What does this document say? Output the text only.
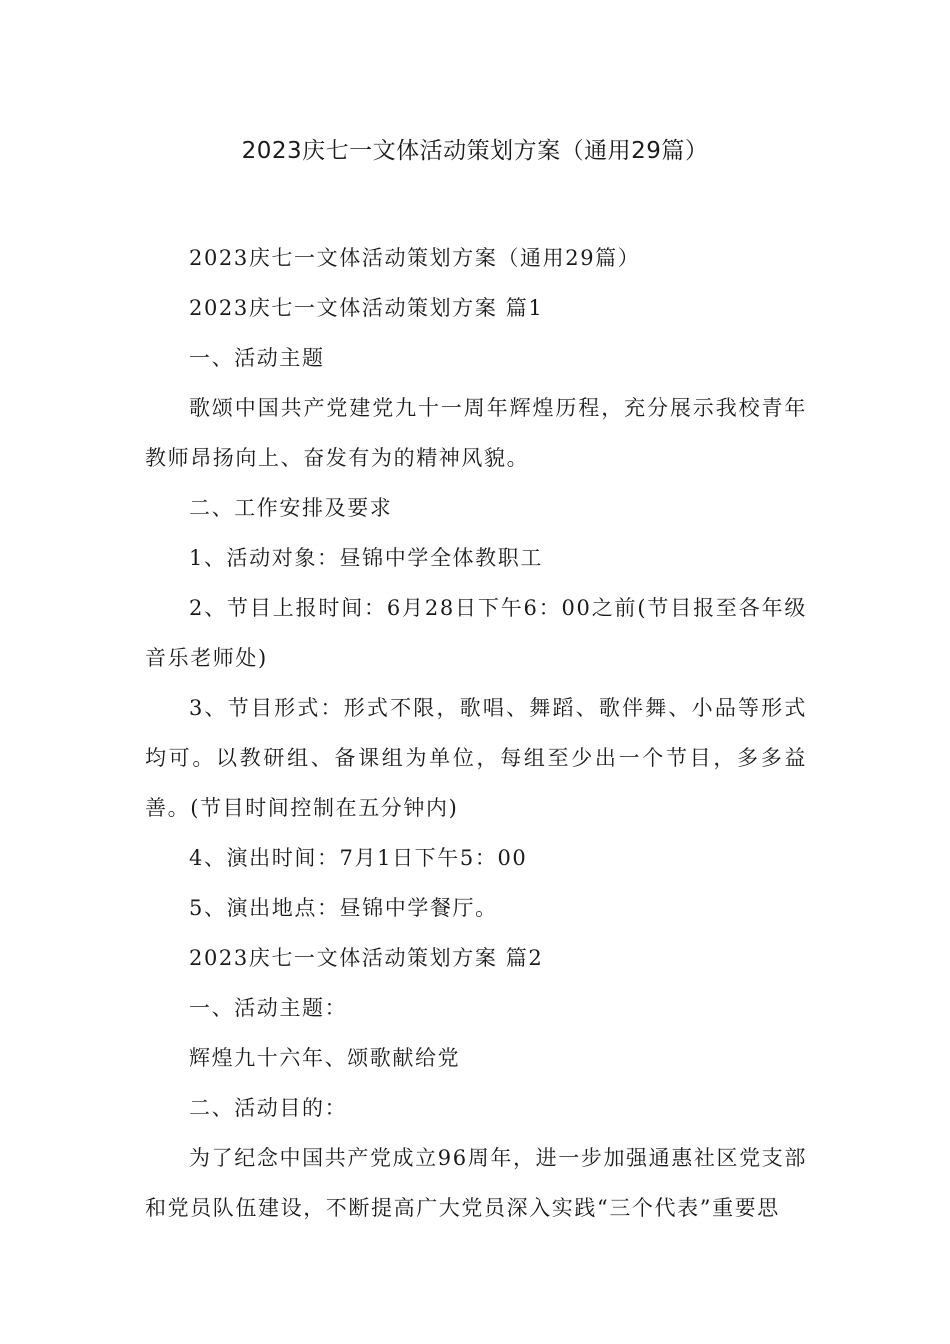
2023庆七一文体活动策划方案（通用29篇）

2023庆七一文体活动策划方案（通用29篇）

2023庆七一文体活动策划方案 篇1

一、活动主题

歌颂中国共产党建党九十一周年辉煌历程，充分展示我校青年教师昂扬向上、奋发有为的精神风貌。

二、工作安排及要求

1、活动对象：昼锦中学全体教职工

2、节目上报时间：6月28日下午6：00之前(节目报至各年级音乐老师处)

3、节目形式：形式不限，歌唱、舞蹈、歌伴舞、小品等形式均可。以教研组、备课组为单位，每组至少出一个节目，多多益善。(节目时间控制在五分钟内)

4、演出时间：7月1日下午5：00

5、演出地点：昼锦中学餐厅。

2023庆七一文体活动策划方案 篇2

一、活动主题：

辉煌九十六年、颂歌献给党

二、活动目的：

为了纪念中国共产党成立96周年，进一步加强通惠社区党支部和党员队伍建设，不断提高广大党员深入实践“三个代表”重要思
